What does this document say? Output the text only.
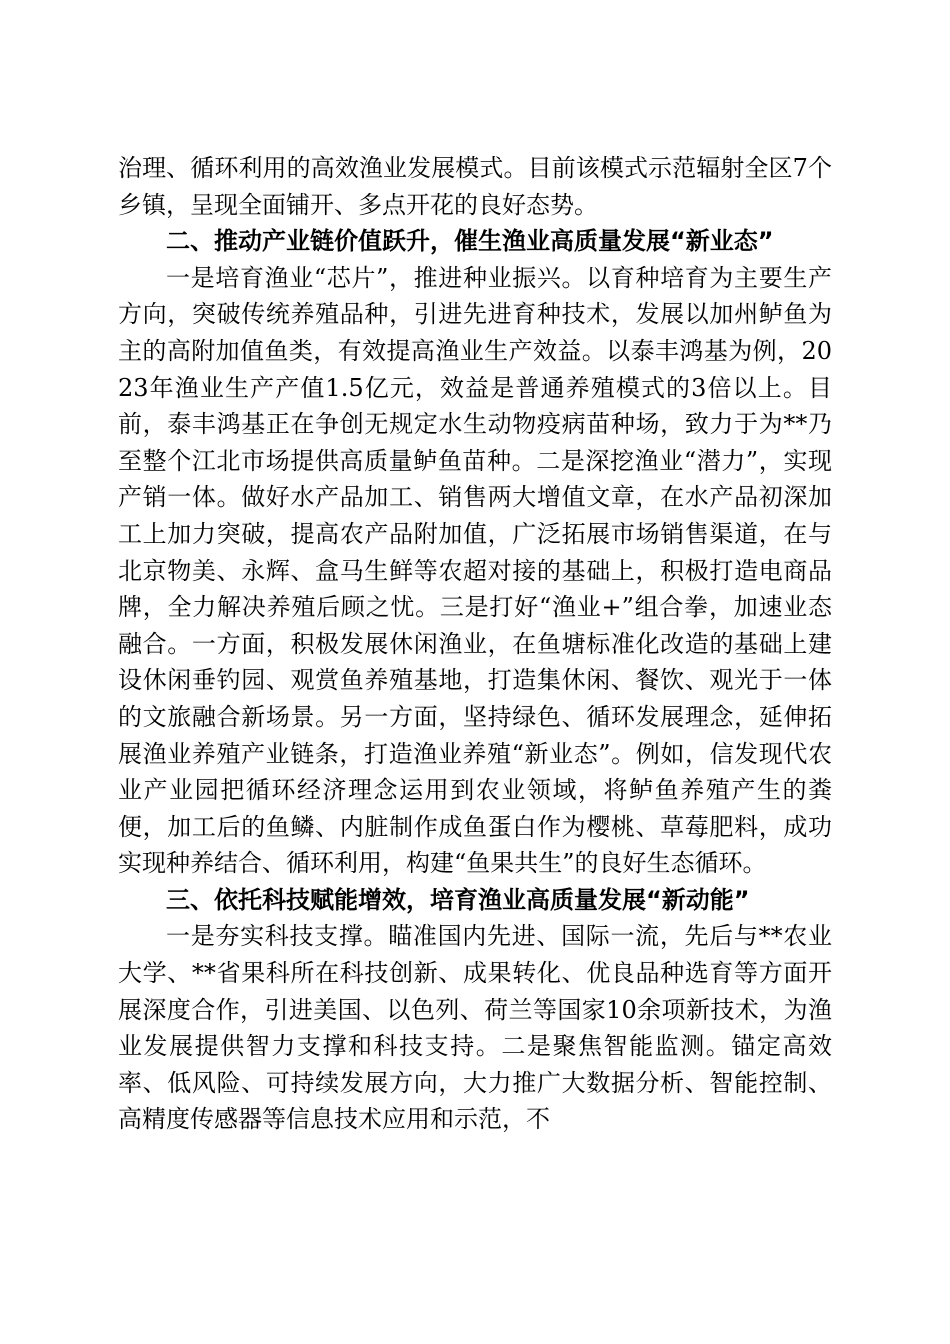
治理、循环利用的高效渔业发展模式。目前该模式示范辐射全区7个乡镇，呈现全面铺开、多点开花的良好态势。

二、推动产业链价值跃升，催生渔业高质量发展“新业态”

一是培育渔业“芯片”，推进种业振兴。以育种培育为主要生产方向，突破传统养殖品种，引进先进育种技术，发展以加州鲈鱼为主的高附加值鱼类，有效提高渔业生产效益。以泰丰鸿基为例，2023年渔业生产产值1.5亿元，效益是普通养殖模式的3倍以上。目前，泰丰鸿基正在争创无规定水生动物疫病苗种场，致力于为**乃至整个江北市场提供高质量鲈鱼苗种。二是深挖渔业“潜力”，实现产销一体。做好水产品加工、销售两大增值文章，在水产品初深加工上加力突破，提高农产品附加值，广泛拓展市场销售渠道，在与北京物美、永辉、盒马生鲜等农超对接的基础上，积极打造电商品牌，全力解决养殖后顾之忧。三是打好“渔业+”组合拳，加速业态融合。一方面，积极发展休闲渔业，在鱼塘标准化改造的基础上建设休闲垂钓园、观赏鱼养殖基地，打造集休闲、餐饮、观光于一体的文旅融合新场景。另一方面，坚持绿色、循环发展理念，延伸拓展渔业养殖产业链条，打造渔业养殖“新业态”。例如，信发现代农业产业园把循环经济理念运用到农业领域，将鲈鱼养殖产生的粪便，加工后的鱼鳞、内脏制作成鱼蛋白作为樱桃、草莓肥料，成功实现种养结合、循环利用，构建“鱼果共生”的良好生态循环。

三、依托科技赋能增效，培育渔业高质量发展“新动能”

一是夯实科技支撑。瞄准国内先进、国际一流，先后与**农业大学、**省果科所在科技创新、成果转化、优良品种选育等方面开展深度合作，引进美国、以色列、荷兰等国家10余项新技术，为渔业发展提供智力支撑和科技支持。二是聚焦智能监测。锚定高效率、低风险、可持续发展方向，大力推广大数据分析、智能控制、高精度传感器等信息技术应用和示范，不
